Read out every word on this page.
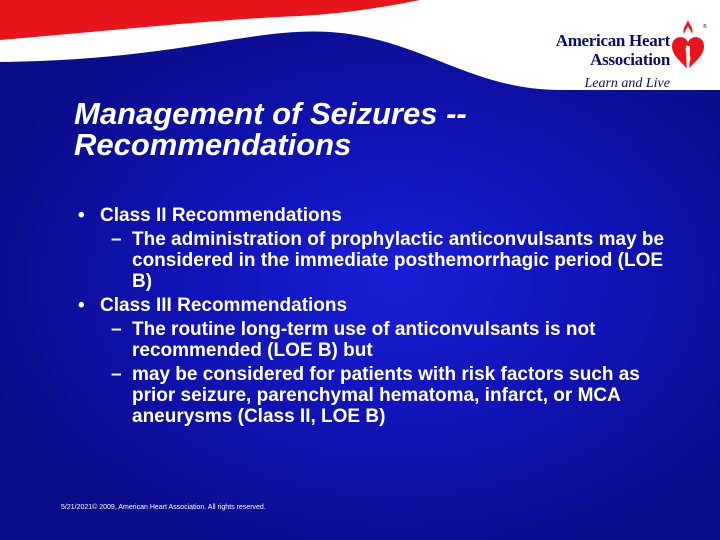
American Heart
Association
Learn and Live
®
Management of Seizures --
Recommendations
• Class II Recommendations
– The administration of prophylactic anticonvulsants may be considered in the immediate posthemorrhagic period (LOE B)
• Class III Recommendations
– The routine long-term use of anticonvulsants is not recommended (LOE B) but
– may be considered for patients with risk factors such as prior seizure, parenchymal hematoma, infarct, or MCA aneurysms (Class II, LOE B)
5/21/2021© 2009, American Heart Association. All rights reserved.
